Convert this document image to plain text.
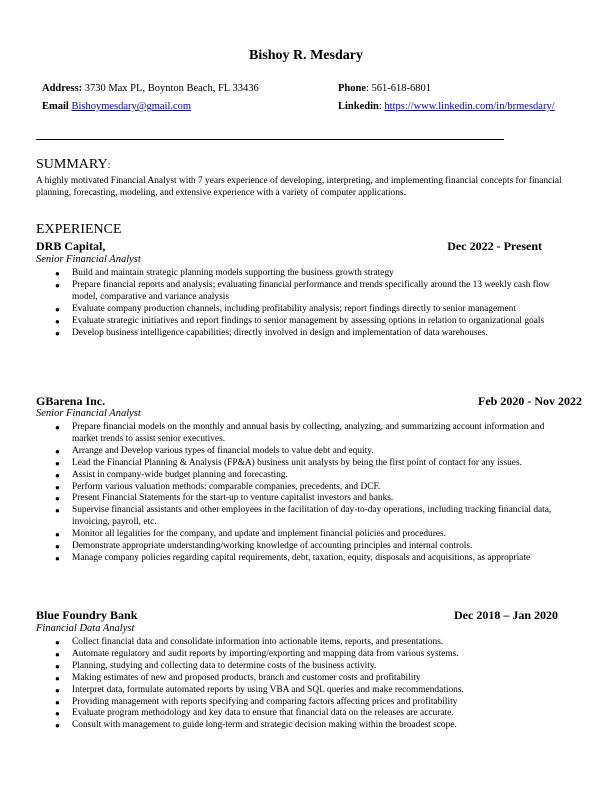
Bishoy R. Mesdary
Address: 3730 Max PL, Boynton Beach, FL 33436	Phone: 561-618-6801
Email Bishoymesdary@gmail.com	Linkedin: https://www.linkedin.com/in/brmesdary/
SUMMARY:
A highly motivated Financial Analyst with 7 years experience of developing, interpreting, and implementing financial concepts for financial planning, forecasting, modeling, and extensive experience with a variety of computer applications.
EXPERIENCE
DRB Capital,	Dec 2022 - Present
Senior Financial Analyst
● Build and maintain strategic planning models supporting the business growth strategy
● Prepare financial reports and analysis; evaluating financial performance and trends specifically around the 13 weekly cash flow model, comparative and variance analysis
● Evaluate company production channels, including profitability analysis; report findings directly to senior management
● Evaluate strategic initiatives and report findings to senior management by assessing options in relation to organizational goals
● Develop business intelligence capabilities; directly involved in design and implementation of data warehouses.
GBarena Inc.	Feb 2020 - Nov 2022
Senior Financial Analyst
● Prepare financial models on the monthly and annual basis by collecting, analyzing, and summarizing account information and market trends to assist senior executives.
● Arrange and Develop various types of financial models to value debt and equity.
● Lead the Financial Planning & Analysis (FP&A) business unit analysts by being the first point of contact for any issues.
● Assist in company-wide budget planning and forecasting.
● Perform various valuation methods: comparable companies, precedents, and DCF.
● Present Financial Statements for the start-up to venture capitalist investors and banks.
● Supervise financial assistants and other employees in the facilitation of day-to-day operations, including tracking financial data, invoicing, payroll, etc.
● Monitor all legalities for the company, and update and implement financial policies and procedures.
● Demonstrate appropriate understanding/working knowledge of accounting principles and internal controls.
● Manage company policies regarding capital requirements, debt, taxation, equity, disposals and acquisitions, as appropriate
Blue Foundry Bank	Dec 2018 – Jan 2020
Financial Data Analyst
● Collect financial data and consolidate information into actionable items, reports, and presentations.
● Automate regulatory and audit reports by importing/exporting and mapping data from various systems.
● Planning, studying and collecting data to determine costs of the business activity.
● Making estimates of new and proposed products, branch and customer costs and profitability
● Interpret data, formulate automated reports by using VBA and SQL queries and make recommendations.
● Providing management with reports specifying and comparing factors affecting prices and profitability
● Evaluate program methodology and key data to ensure that financial data on the releases are accurate.
● Consult with management to guide long-term and strategic decision making within the broadest scope.
